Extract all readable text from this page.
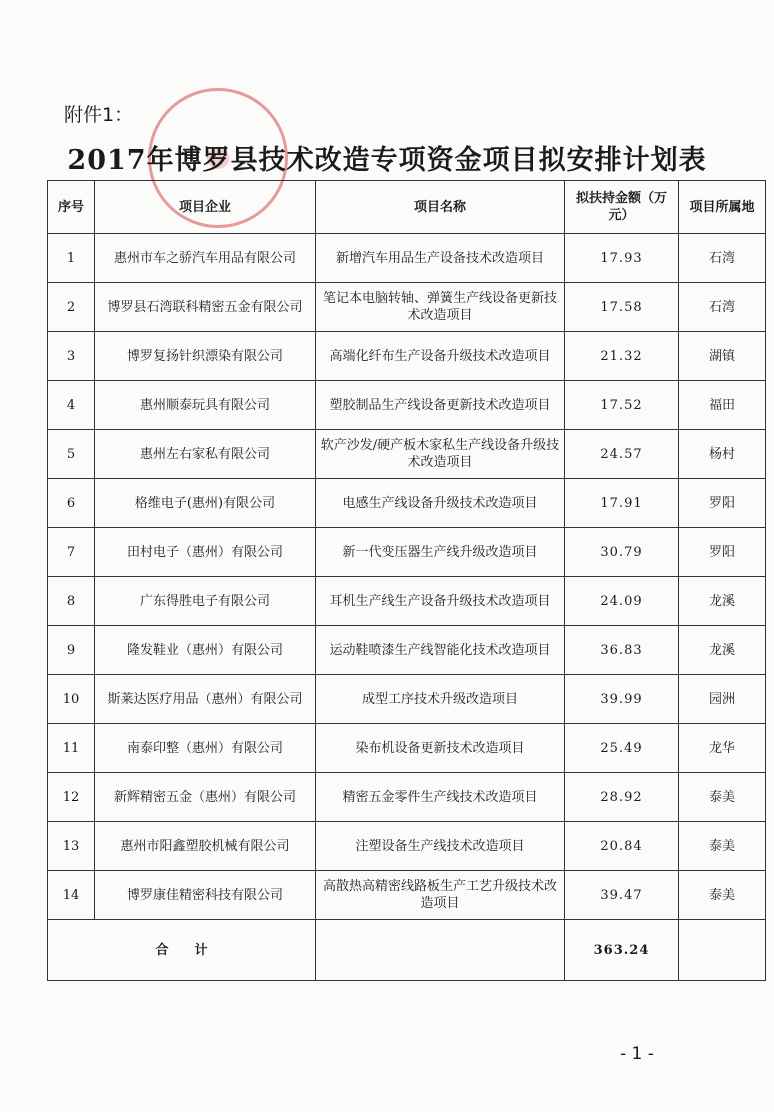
附件1：
2017年博罗县技术改造专项资金项目拟安排计划表
序号	项目企业	项目名称	拟扶持金额（万元）	项目所属地
1	惠州市车之骄汽车用品有限公司	新增汽车用品生产设备技术改造项目	17.93	石湾
2	博罗县石湾联科精密五金有限公司	笔记本电脑转轴、弹簧生产线设备更新技术改造项目	17.58	石湾
3	博罗复扬针织漂染有限公司	高端化纤布生产设备升级技术改造项目	21.32	湖镇
4	惠州顺泰玩具有限公司	塑胶制品生产线设备更新技术改造项目	17.52	福田
5	惠州左右家私有限公司	软产沙发/硬产板木家私生产线设备升级技术改造项目	24.57	杨村
6	格维电子(惠州)有限公司	电感生产线设备升级技术改造项目	17.91	罗阳
7	田村电子（惠州）有限公司	新一代变压器生产线升级改造项目	30.79	罗阳
8	广东得胜电子有限公司	耳机生产线生产设备升级技术改造项目	24.09	龙溪
9	隆发鞋业（惠州）有限公司	运动鞋喷漆生产线智能化技术改造项目	36.83	龙溪
10	斯莱达医疗用品（惠州）有限公司	成型工序技术升级改造项目	39.99	园洲
11	南泰印整（惠州）有限公司	染布机设备更新技术改造项目	25.49	龙华
12	新辉精密五金（惠州）有限公司	精密五金零件生产线技术改造项目	28.92	泰美
13	惠州市阳鑫塑胶机械有限公司	注塑设备生产线技术改造项目	20.84	泰美
14	博罗康佳精密科技有限公司	高散热高精密线路板生产工艺升级技术改造项目	39.47	泰美
合　　计			363.24	
- 1 -
